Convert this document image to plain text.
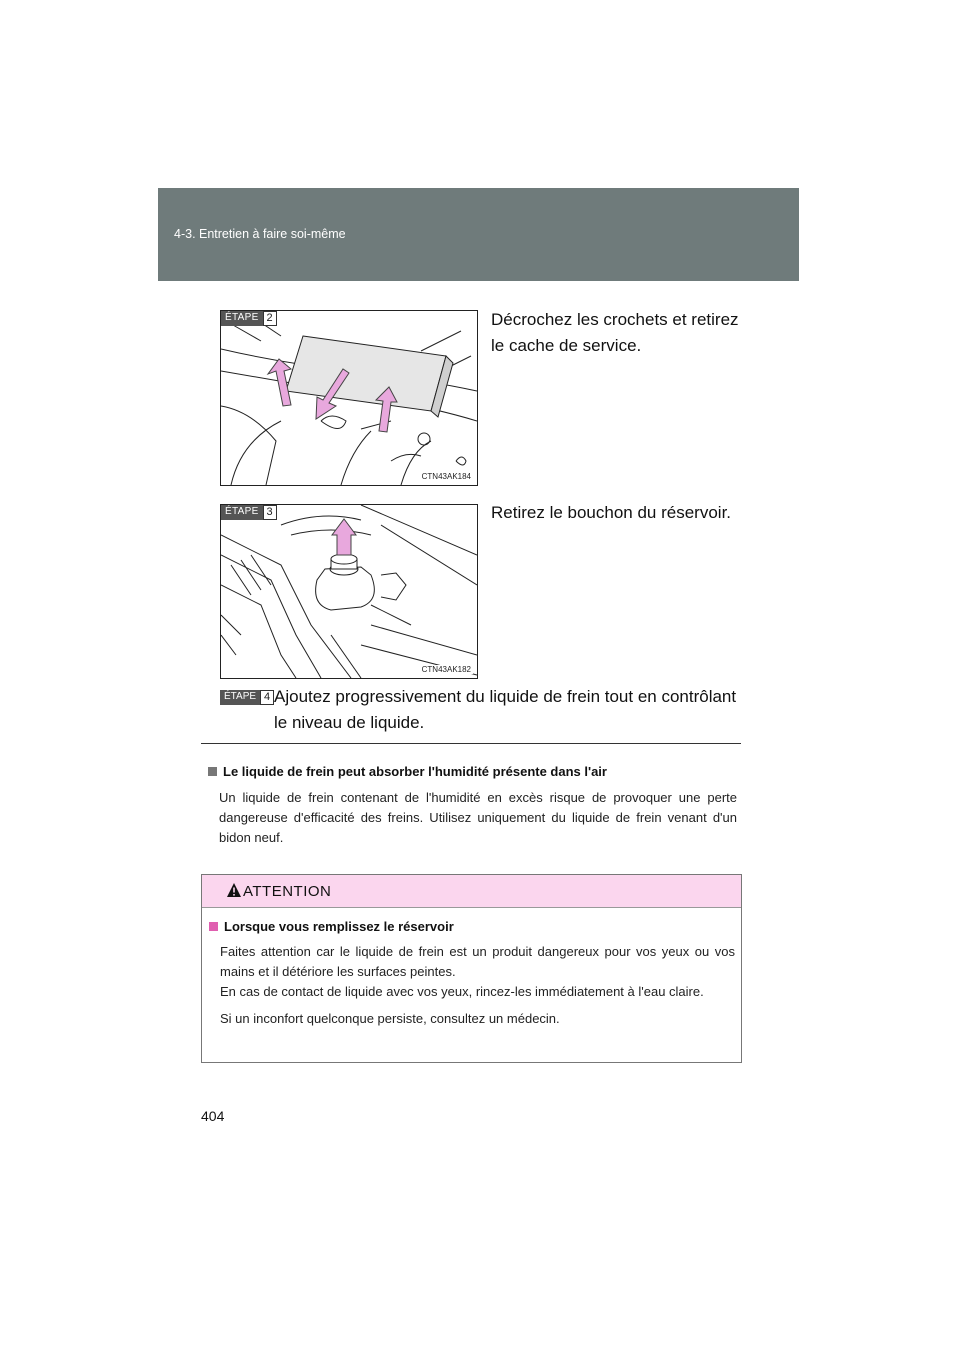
4-3. Entretien à faire soi-même
ÉTAPE 2
CTN43AK184
Décrochez les crochets et retirez
le cache de service.
ÉTAPE 3
CTN43AK182
Retirez le bouchon du réservoir.
ÉTAPE 4 Ajoutez progressivement du liquide de frein tout en contrôlant
le niveau de liquide.
Le liquide de frein peut absorber l'humidité présente dans l'air
Un liquide de frein contenant de l'humidité en excès risque de provoquer une perte dangereuse d'efficacité des freins. Utilisez uniquement du liquide de frein venant d'un bidon neuf.
ATTENTION
Lorsque vous remplissez le réservoir

Faites attention car le liquide de frein est un produit dangereux pour vos yeux ou vos mains et il détériore les surfaces peintes.
En cas de contact de liquide avec vos yeux, rincez-les immédiatement à l'eau claire.

Si un inconfort quelconque persiste, consultez un médecin.

404
